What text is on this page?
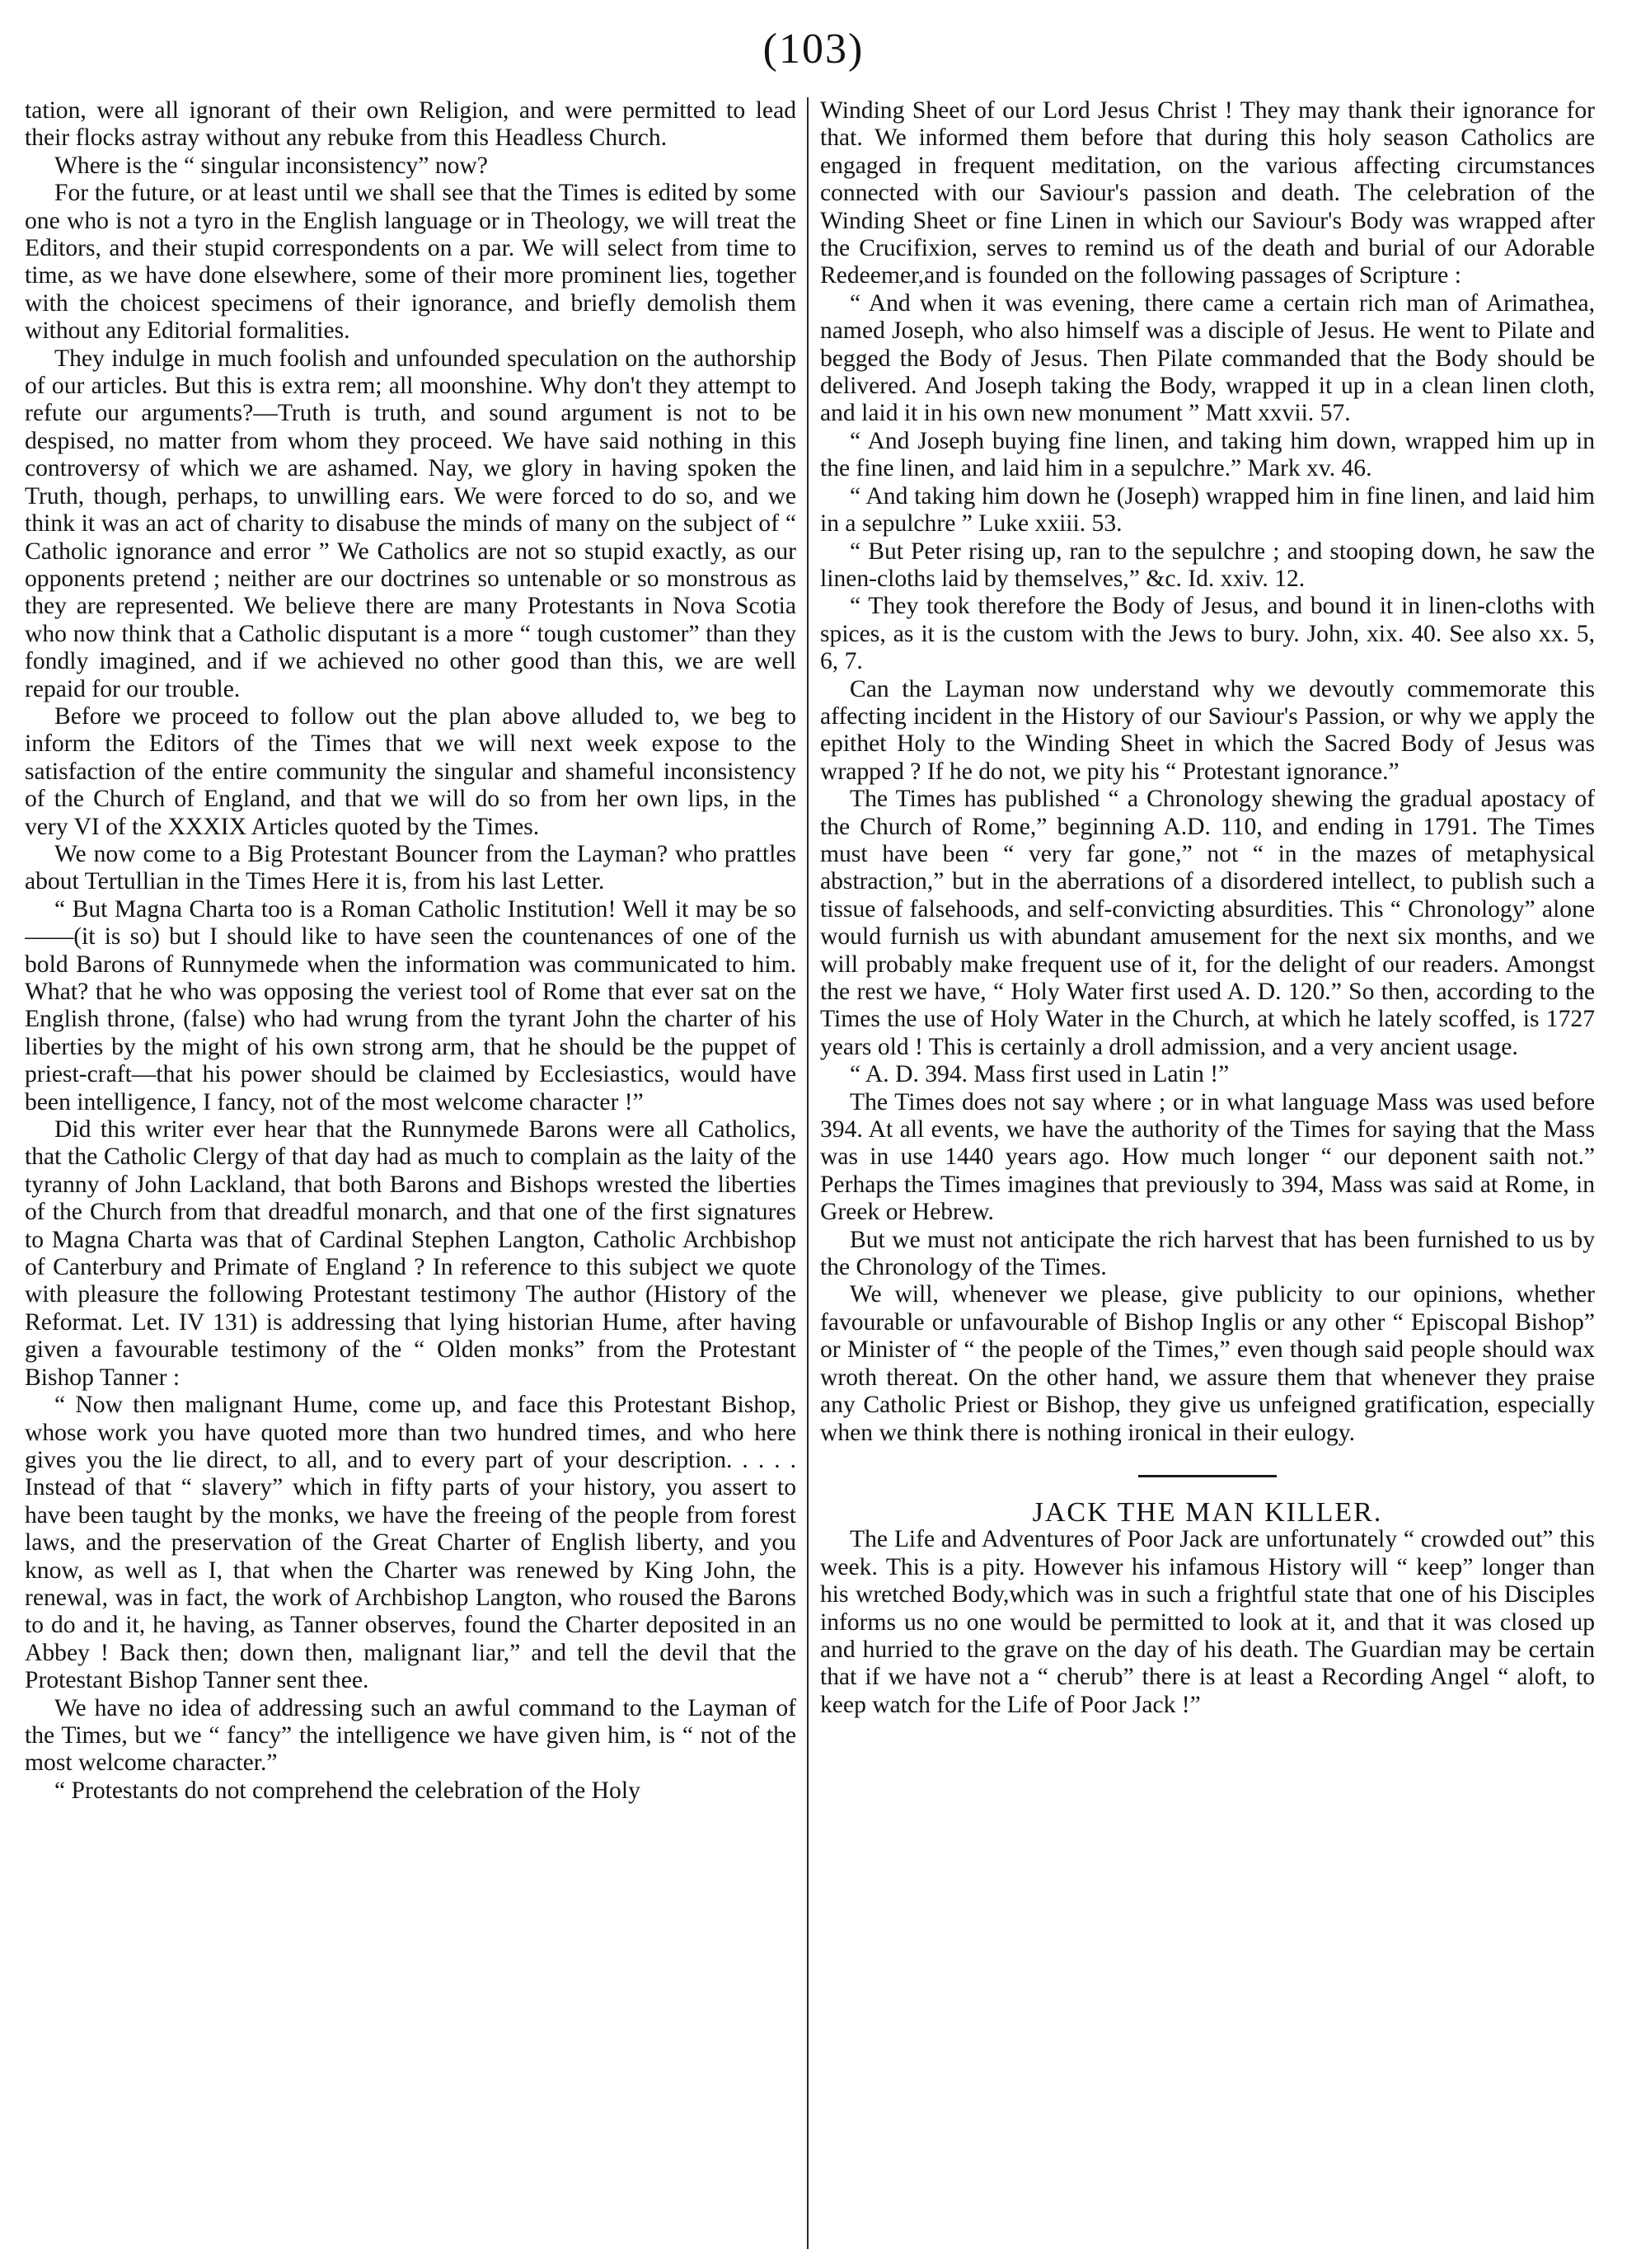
(103)

tation, were all ignorant of their own Religion, and were permitted to lead their flocks astray without any rebuke from this Headless Church.

Where is the “ singular inconsistency” now?

For the future, or at least until we shall see that the Times is edited by some one who is not a tyro in the English language or in Theology, we will treat the Editors, and their stupid correspondents on a par. We will select from time to time, as we have done elsewhere, some of their more prominent lies, together with the choicest specimens of their ignorance, and briefly demolish them without any Editorial formalities.

They indulge in much foolish and unfounded speculation on the authorship of our articles. But this is extra rem; all moonshine. Why don't they attempt to refute our arguments?—Truth is truth, and sound argument is not to be despised, no matter from whom they proceed. We have said nothing in this controversy of which we are ashamed. Nay, we glory in having spoken the Truth, though, perhaps, to unwilling ears. We were forced to do so, and we think it was an act of charity to disabuse the minds of many on the subject of “ Catholic ignorance and error ” We Catholics are not so stupid exactly, as our opponents pretend ; neither are our doctrines so untenable or so monstrous as they are represented. We believe there are many Protestants in Nova Scotia who now think that a Catholic disputant is a more “ tough customer” than they fondly imagined, and if we achieved no other good than this, we are well repaid for our trouble.

Before we proceed to follow out the plan above alluded to, we beg to inform the Editors of the Times that we will next week expose to the satisfaction of the entire community the singular and shameful inconsistency of the Church of England, and that we will do so from her own lips, in the very VI of the XXXIX Articles quoted by the Times.

We now come to a Big Protestant Bouncer from the Layman? who prattles about Tertullian in the Times Here it is, from his last Letter.

“ But Magna Charta too is a Roman Catholic Institution! Well it may be so——(it is so) but I should like to have seen the countenances of one of the bold Barons of Runnymede when the information was communicated to him. What? that he who was opposing the veriest tool of Rome that ever sat on the English throne, (false) who had wrung from the tyrant John the charter of his liberties by the might of his own strong arm, that he should be the puppet of priest-craft—that his power should be claimed by Ecclesiastics, would have been intelligence, I fancy, not of the most welcome character !”

Did this writer ever hear that the Runnymede Barons were all Catholics, that the Catholic Clergy of that day had as much to complain as the laity of the tyranny of John Lackland, that both Barons and Bishops wrested the liberties of the Church from that dreadful monarch, and that one of the first signatures to Magna Charta was that of Cardinal Stephen Langton, Catholic Archbishop of Canterbury and Primate of England ? In reference to this subject we quote with pleasure the following Protestant testimony The author (History of the Reformat. Let. IV 131) is addressing that lying historian Hume, after having given a favourable testimony of the “ Olden monks” from the Protestant Bishop Tanner :

“ Now then malignant Hume, come up, and face this Protestant Bishop, whose work you have quoted more than two hundred times, and who here gives you the lie direct, to all, and to every part of your description. . . . . Instead of that “ slavery” which in fifty parts of your history, you assert to have been taught by the monks, we have the freeing of the people from forest laws, and the preservation of the Great Charter of English liberty, and you know, as well as I, that when the Charter was renewed by King John, the renewal, was in fact, the work of Archbishop Langton, who roused the Barons to do and it, he having, as Tanner observes, found the Charter deposited in an Abbey ! Back then; down then, malignant liar,” and tell the devil that the Protestant Bishop Tanner sent thee.

We have no idea of addressing such an awful command to the Layman of the Times, but we “ fancy” the intelligence we have given him, is “ not of the most welcome character.”

“ Protestants do not comprehend the celebration of the Holy

Winding Sheet of our Lord Jesus Christ ! They may thank their ignorance for that. We informed them before that during this holy season Catholics are engaged in frequent meditation, on the various affecting circumstances connected with our Saviour's passion and death. The celebration of the Winding Sheet or fine Linen in which our Saviour's Body was wrapped after the Crucifixion, serves to remind us of the death and burial of our Adorable Redeemer,and is founded on the following passages of Scripture :

“ And when it was evening, there came a certain rich man of Arimathea, named Joseph, who also himself was a disciple of Jesus. He went to Pilate and begged the Body of Jesus. Then Pilate commanded that the Body should be delivered. And Joseph taking the Body, wrapped it up in a clean linen cloth, and laid it in his own new monument ” Matt xxvii. 57.

“ And Joseph buying fine linen, and taking him down, wrapped him up in the fine linen, and laid him in a sepulchre.” Mark xv. 46.

“ And taking him down he (Joseph) wrapped him in fine linen, and laid him in a sepulchre ” Luke xxiii. 53.

“ But Peter rising up, ran to the sepulchre ; and stooping down, he saw the linen-cloths laid by themselves,” &c. Id. xxiv. 12.

“ They took therefore the Body of Jesus, and bound it in linen-cloths with spices, as it is the custom with the Jews to bury. John, xix. 40. See also xx. 5, 6, 7.

Can the Layman now understand why we devoutly commemorate this affecting incident in the History of our Saviour's Passion, or why we apply the epithet Holy to the Winding Sheet in which the Sacred Body of Jesus was wrapped ? If he do not, we pity his “ Protestant ignorance.”

The Times has published “ a Chronology shewing the gradual apostacy of the Church of Rome,” beginning A.D. 110, and ending in 1791. The Times must have been “ very far gone,” not “ in the mazes of metaphysical abstraction,” but in the aberrations of a disordered intellect, to publish such a tissue of falsehoods, and self-convicting absurdities. This “ Chronology” alone would furnish us with abundant amusement for the next six months, and we will probably make frequent use of it, for the delight of our readers. Amongst the rest we have, “ Holy Water first used A. D. 120.” So then, according to the Times the use of Holy Water in the Church, at which he lately scoffed, is 1727 years old ! This is certainly a droll admission, and a very ancient usage.

“ A. D. 394. Mass first used in Latin !”

The Times does not say where ; or in what language Mass was used before 394. At all events, we have the authority of the Times for saying that the Mass was in use 1440 years ago. How much longer “ our deponent saith not.” Perhaps the Times imagines that previously to 394, Mass was said at Rome, in Greek or Hebrew.

But we must not anticipate the rich harvest that has been furnished to us by the Chronology of the Times.

We will, whenever we please, give publicity to our opinions, whether favourable or unfavourable of Bishop Inglis or any other “ Episcopal Bishop” or Minister of “ the people of the Times,” even though said people should wax wroth thereat. On the other hand, we assure them that whenever they praise any Catholic Priest or Bishop, they give us unfeigned gratification, especially when we think there is nothing ironical in their eulogy.

JACK THE MAN KILLER.

The Life and Adventures of Poor Jack are unfortunately “ crowded out” this week. This is a pity. However his infamous History will “ keep” longer than his wretched Body,which was in such a frightful state that one of his Disciples informs us no one would be permitted to look at it, and that it was closed up and hurried to the grave on the day of his death. The Guardian may be certain that if we have not a “ cherub” there is at least a Recording Angel “ aloft, to keep watch for the Life of Poor Jack !”
